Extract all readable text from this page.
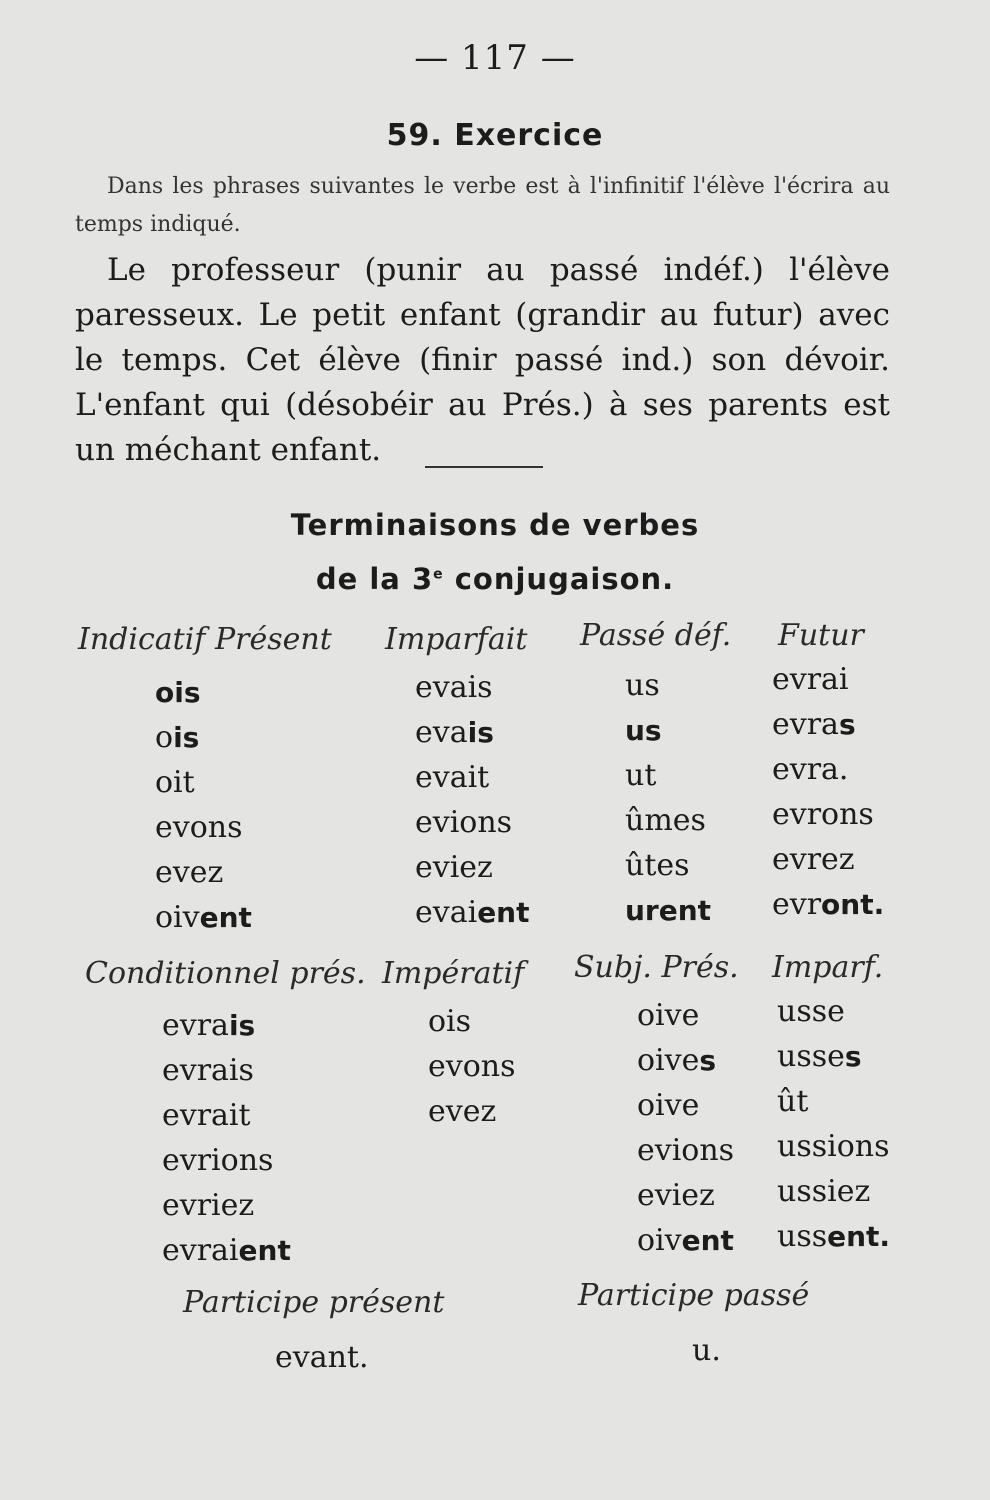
— 117 —
59. Exercice
Dans les phrases suivantes le verbe est à l'infinitif l'élève l'écrira au temps indiqué.
Le professeur (punir au passé indéf.) l'élève paresseux. Le petit enfant (grandir au futur) avec le temps. Cet élève (finir passé ind.) son dévoir. L'enfant qui (désobéir au Prés.) à ses parents est un méchant enfant.
Terminaisons de verbes
de la 3e conjugaison.
Indicatif Présent Imparfait Passé déf. Futur
ois
ois
oit
evons
evez
oivent
evais
evais
evait
evions
eviez
evaient
us
us
ut
ûmes
ûtes
urent
evrai
evras
evra.
evrons
evrez
evront.
Conditionnel prés. Impératif Subj. Prés. Imparf.
evrais
evrais
evrait
evrions
evriez
evraient
ois
evons
evez
oive
oives
oive
evions
eviez
oivent
usse
usses
ût
ussions
ussiez
ussent.
Participe présent
evant.
Participe passé
u.
